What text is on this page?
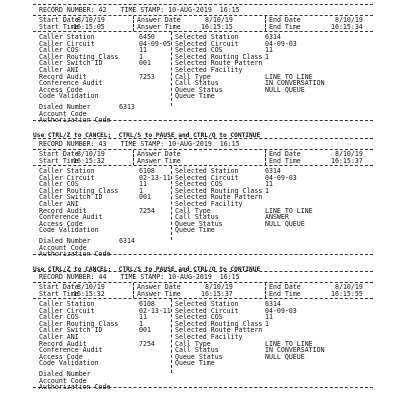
RECORD NUMBER: 42 TIME STAMP: 10-AUG-2019  16:15
Start Date
8/10/19
Start Time
16:15:05
Answer Date	8/10/19
Answer Time	16:15:15
End Date	8/10/19
End Time	16:15:34
Caller Station	6450
Caller Circuit	04-09-05
Caller COS	11
Caller Routing Class	1
Caller Switch ID	001
Caller ANI
Record Audit	7253
Conference Audit
Access Code
Code Validation
Selected Station	6314
Selected Circuit	04-09-03
Selected COS	11
Selected Routing Class 1
Selected Route Pattern
Selected Facility
Call Type	LINE TO LINE
Call Status	IN CONVERSATION
Queue Status	NULL QUEUE
Queue Time
Dialed Number	6313
Account Code
Authorization Code
Use CTRL/Z to CANCEL;  CTRL/S to PAUSE and CTRL/Q to CONTINUE
RECORD NUMBER: 43 TIME STAMP: 10-AUG-2019  16:15
Start Date
8/10/19
Start Time
16:15:32
Answer Date
Answer Time
End Date	8/10/19
End Time	16:15:37
Caller Station	6108
Caller Circuit	02-13-11
Caller COS	11
Caller Routing Class	1
Caller Switch ID	001
Caller ANI
Record Audit	7254
Conference Audit
Access Code
Code Validation
Selected Station	6314
Selected Circuit	04-09-03
Selected COS	11
Selected Routing Class 1
Selected Route Pattern
Selected Facility
Call Type	LINE TO LINE
Call Status	ANSWER
Queue Status	NULL QUEUE
Queue Time
Dialed Number	6314
Account Code
Authorization Code
Use CTRL/Z to CANCEL;  CTRL/S to PAUSE and CTRL/Q to CONTINUE
RECORD NUMBER: 44 TIME STAMP: 10-AUG-2019  16:15
Start Date
8/10/19
Start Time
16:15:32
Answer Date	8/10/19
Answer Time	16:15:37
End Date	8/10/19
End Time	16:15:55
Caller Station	6108
Caller Circuit	02-13-11
Caller COS	11
Caller Routing Class	1
Caller Switch ID	001
Caller ANI
Record Audit	7254
Conference Audit
Access Code
Code Validation
Selected Station	6314
Selected Circuit	04-09-03
Selected COS	11
Selected Routing Class 1
Selected Route Pattern
Selected Facility
Call Type	LINE TO LINE
Call Status	IN CONVERSATION
Queue Status	NULL QUEUE
Queue Time
Dialed Number
Account Code
Authorization Code
